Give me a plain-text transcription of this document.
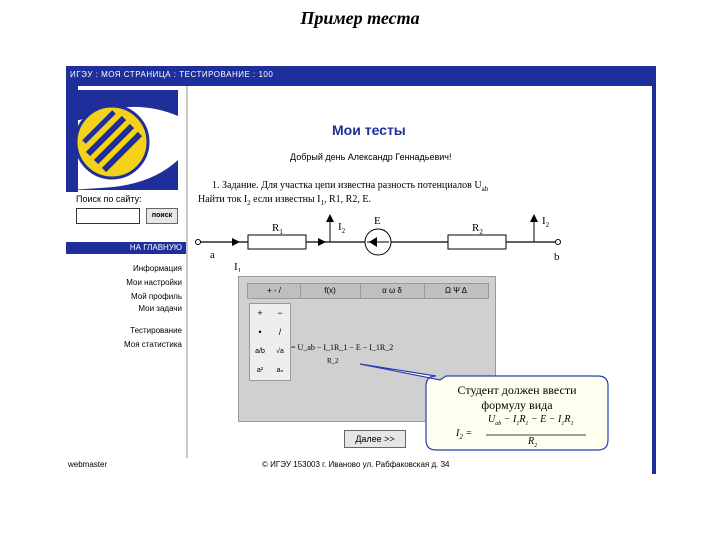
Пример теста
ИГЭУ : МОЯ СТРАНИЦА : ТЕСТИРОВАНИЕ : 100
Поиск по сайту:
поиск
НА ГЛАВНУЮ
Информация
Мои настройки
Мой профиль
Мои задачи
Тестирование
Моя статистика
Мои тесты
Добрый день Александр Геннадьевич!
1. Задание. Для участка цепи известна разность потенциалов $U_{ab}$
Найти ток $I_2$ если известны $I_1$, R1, R2, E.
$R_1$	$I_2$
E
$R_2$
$I_2$
a	b
$I_1$
+ - /	f(x)	α ω δ	Ω Ψ Δ
+	−
•	/
a/b	√a
a²	aₙ
= U_ab − I_1R_1 − E − I_1R_2
R_2
Далее >>
webmaster	© ИГЭУ 153003 г. Иваново ул. Рабфаковская д. 34
Студент должен ввести
формулу вида
$I_2$ =
$U_{ab} - I_1R_1 - E - I_1R_1$
$R_2$
